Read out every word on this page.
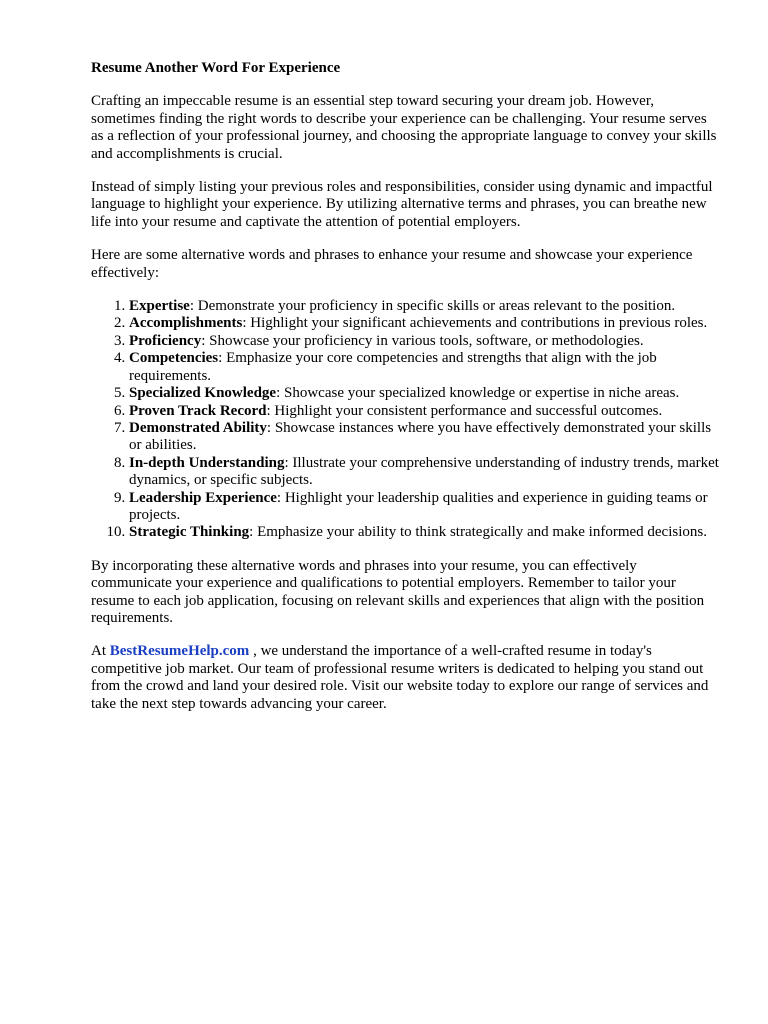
Resume Another Word For Experience

Crafting an impeccable resume is an essential step toward securing your dream job. However, sometimes finding the right words to describe your experience can be challenging. Your resume serves as a reflection of your professional journey, and choosing the appropriate language to convey your skills and accomplishments is crucial.

Instead of simply listing your previous roles and responsibilities, consider using dynamic and impactful language to highlight your experience. By utilizing alternative terms and phrases, you can breathe new life into your resume and captivate the attention of potential employers.

Here are some alternative words and phrases to enhance your resume and showcase your experience effectively:

1. Expertise: Demonstrate your proficiency in specific skills or areas relevant to the position.
2. Accomplishments: Highlight your significant achievements and contributions in previous roles.
3. Proficiency: Showcase your proficiency in various tools, software, or methodologies.
4. Competencies: Emphasize your core competencies and strengths that align with the job requirements.
5. Specialized Knowledge: Showcase your specialized knowledge or expertise in niche areas.
6. Proven Track Record: Highlight your consistent performance and successful outcomes.
7. Demonstrated Ability: Showcase instances where you have effectively demonstrated your skills or abilities.
8. In-depth Understanding: Illustrate your comprehensive understanding of industry trends, market dynamics, or specific subjects.
9. Leadership Experience: Highlight your leadership qualities and experience in guiding teams or projects.
10. Strategic Thinking: Emphasize your ability to think strategically and make informed decisions.

By incorporating these alternative words and phrases into your resume, you can effectively communicate your experience and qualifications to potential employers. Remember to tailor your resume to each job application, focusing on relevant skills and experiences that align with the position requirements.

At BestResumeHelp.com , we understand the importance of a well-crafted resume in today's competitive job market. Our team of professional resume writers is dedicated to helping you stand out from the crowd and land your desired role. Visit our website today to explore our range of services and take the next step towards advancing your career.
